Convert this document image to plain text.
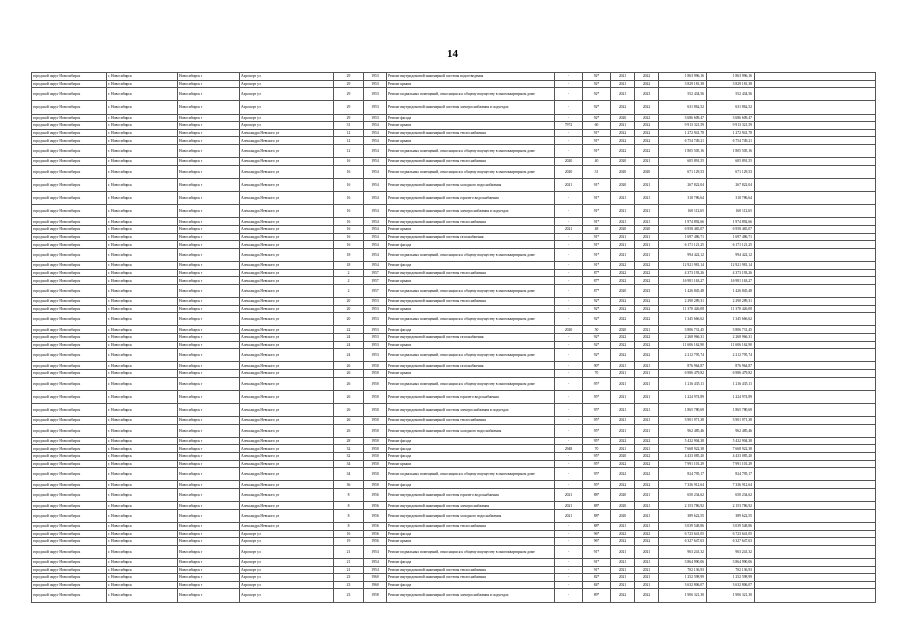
14
городской округ Новосибирск	г. Новосибирск	Новосибирск г	Аэропорт ул	29	1953	Ремонт внутридомовой инженерной системы водоотведения	-	92*	2021	2022	1 863 996,16	1 863 996,16	
городской округ Новосибирск	г. Новосибирск	Новосибирск г	Аэропорт ул	29	1953	Ремонт крыши	-	92*	2021	2022	3 829 181,38	3 829 181,38	
городской округ Новосибирск	г. Новосибирск	Новосибирск г	Аэропорт ул	29	1953	Ремонт подвальных помещений, относящихся к общему имуществу в многоквартирном доме	-	92*	2021	2023	552 434,56	552 434,56	
городской округ Новосибирск	г. Новосибирск	Новосибирск г	Аэропорт ул	29	1953	Ремонт внутридомовой инженерной системы электроснабжения в подъездах	-	92*	2022	2022	631 862,52	631 862,52	
городской округ Новосибирск	г. Новосибирск	Новосибирск г	Аэропорт ул	29	1953	Ремонт фасада	-	92*	2020	2022	3 686 609,47	3 686 609,47	
городской округ Новосибирск	г. Новосибирск	Новосибирск г	Аэропорт ул	31	1954	Ремонт крыши	7972	60	2021	2022	9 913 321,59	9 913 321,59	
городской округ Новосибирск	г. Новосибирск	Новосибирск г	Александра Невского ул	12	1954	Ремонт внутридомовой инженерной системы теплоснабжения	-	91*	2022	2022	1 272 941,78	1 272 941,78	
городской округ Новосибирск	г. Новосибирск	Новосибирск г	Александра Невского ул	12	1954	Ремонт крыши	-	91*	2022	2022	6 754 749,21	6 754 749,21	
городской округ Новосибирск	г. Новосибирск	Новосибирск г	Александра Невского ул	12	1954	Ремонт подвальных помещений, относящихся к общему имуществу в многоквартирном доме	-	91*	2022	2022	1 805 505,16	1 805 505,16	
городской округ Новосибирск	г. Новосибирск	Новосибирск г	Александра Невского ул	16	1954	Ремонт внутридомовой инженерной системы теплоснабжения	2020	40	2020	2021	605 891,55	605 891,55	
городской округ Новосибирск	г. Новосибирск	Новосибирск г	Александра Невского ул	16	1954	Ремонт подвальных помещений, относящихся к общему имуществу в многоквартирном доме	2020	31	2020	2020	671 129,53	671 129,53	
городской округ Новосибирск	г. Новосибирск	Новосибирск г	Александра Невского ул	16	1954	Ремонт внутридомовой инженерной системы холодного водоснабжения	2021	91*	2020	2021	267 822,04	267 822,04	
городской округ Новосибирск	г. Новосибирск	Новосибирск г	Александра Невского ул	16	1954	Ремонт внутридомовой инженерной системы горячего водоснабжения	-	91*	2021	2021	310 786,64	310 786,64	
городской округ Новосибирск	г. Новосибирск	Новосибирск г	Александра Невского ул	16	1954	Ремонт внутридомовой инженерной системы электроснабжения в подъездах	-	91*	2021	2021	160 112,65	160 112,65	
городской округ Новосибирск	г. Новосибирск	Новосибирск г	Александра Невского ул	16	1954	Ремонт внутридомовой инженерной системы теплоснабжения	-	91*	2021	2021	1 974 892,66	1 974 892,66	
городской округ Новосибирск	г. Новосибирск	Новосибирск г	Александра Невского ул	16	1954	Ремонт крыши	2021	48	2020	2020	6 958 465,07	6 958 465,07	
городской округ Новосибирск	г. Новосибирск	Новосибирск г	Александра Невского ул	16	1954	Ремонт внутридомовой инженерной системы газоснабжения	-	91*	2021	2021	1 697 486,71	1 697 486,71	
городской округ Новосибирск	г. Новосибирск	Новосибирск г	Александра Невского ул	16	1954	Ремонт фасада	-	91*	2021	2021	6 171 121,25	6 171 121,25	
городской округ Новосибирск	г. Новосибирск	Новосибирск г	Александра Невского ул	18	1954	Ремонт подвальных помещений, относящихся к общему имуществу в многоквартирном доме	-	91*	2021	2021	994 422,12	994 422,12	
городской округ Новосибирск	г. Новосибирск	Новосибирск г	Александра Невского ул	18	1954	Ремонт фасада	-	91*	2022	2022	12 921 981,14	12 921 981,14	
городской округ Новосибирск	г. Новосибирск	Новосибирск г	Александра Невского ул	2	1957	Ремонт внутридомовой инженерной системы теплоснабжения	-	87*	2022	2022	4 373 193,26	4 373 193,26	
городской округ Новосибирск	г. Новосибирск	Новосибирск г	Александра Невского ул	2	1957	Ремонт крыши	-	87*	2022	2022	16 981 163,27	16 981 163,27	
городской округ Новосибирск	г. Новосибирск	Новосибирск г	Александра Невского ул	2	1957	Ремонт подвальных помещений, относящихся к общему имуществу в многоквартирном доме	-	87*	2020	2023	1 426 845,48	1 426 845,48	
городской округ Новосибирск	г. Новосибирск	Новосибирск г	Александра Невского ул	20	1953	Ремонт внутридомовой инженерной системы теплоснабжения	-	92*	2022	2022	2 290 289,31	2 290 289,31	
городской округ Новосибирск	г. Новосибирск	Новосибирск г	Александра Невского ул	20	1953	Ремонт крыши	-	92*	2022	2022	11 370 426,08	11 370 426,08	
городской округ Новосибирск	г. Новосибирск	Новосибирск г	Александра Невского ул	20	1953	Ремонт подвальных помещений, относящихся к общему имуществу в многоквартирном доме	-	92*	2022	2022	1 345 666,62	1 345 666,62	
городской округ Новосибирск	г. Новосибирск	Новосибирск г	Александра Невского ул	22	1953	Ремонт фасада	2020	50	2020	2021	3 806 731,45	3 806 731,45	
городской округ Новосибирск	г. Новосибирск	Новосибирск г	Александра Невского ул	24	1953	Ремонт внутридомовой инженерной системы газоснабжения	-	92*	2022	2022	2 268 966,31	2 268 966,31	
городской округ Новосибирск	г. Новосибирск	Новосибирск г	Александра Невского ул	24	1953	Ремонт крыши	-	92*	2022	2022	11 606 162,90	11 606 162,90	
городской округ Новосибирск	г. Новосибирск	Новосибирск г	Александра Невского ул	24	1953	Ремонт подвальных помещений, относящихся к общему имуществу в многоквартирном доме	-	92*	2022	2022	2 212 795,74	2 212 795,74	
городской округ Новосибирск	г. Новосибирск	Новосибирск г	Александра Невского ул	26	1950	Ремонт внутридомовой инженерной системы газоснабжения	-	90*	2021	2021	876 964,87	876 964,87	
городской округ Новосибирск	г. Новосибирск	Новосибирск г	Александра Невского ул	26	1950	Ремонт крыши	-	70	2021	2021	6 986 479,82	6 986 479,82	
городской округ Новосибирск	г. Новосибирск	Новосибирск г	Александра Невского ул	26	1950	Ремонт подвальных помещений, относящихся к общему имуществу в многоквартирном доме	-	95*	2021	2021	1 216 435,11	1 216 435,11	
городской округ Новосибирск	г. Новосибирск	Новосибирск г	Александра Невского ул	26	1950	Ремонт внутридомовой инженерной системы горячего водоснабжения	-	95*	2021	2021	1 224 974,89	1 224 974,89	
городской округ Новосибирск	г. Новосибирск	Новосибирск г	Александра Невского ул	26	1950	Ремонт внутридомовой инженерной системы электроснабжения в подъездах	-	95*	2021	2021	1 865 780,69	1 865 780,69	
городской округ Новосибирск	г. Новосибирск	Новосибирск г	Александра Невского ул	26	1950	Ремонт внутридомовой инженерной системы теплоснабжения	-	95*	2021	2021	3 901 971,38	3 901 971,38	
городской округ Новосибирск	г. Новосибирск	Новосибирск г	Александра Невского ул	26	1950	Ремонт внутридомовой инженерной системы холодного водоснабжения	-	95*	2021	2021	962 485,46	962 485,46	
городской округ Новосибирск	г. Новосибирск	Новосибирск г	Александра Невского ул	28	1950	Ремонт фасада	-	95*	2022	2022	5 432 904,38	5 432 904,38	
городской округ Новосибирск	г. Новосибирск	Новосибирск г	Александра Невского ул	32	1950	Ремонт фасада	2948	70	2021	2021	7 668 922,38	7 668 922,38	
городской округ Новосибирск	г. Новосибирск	Новосибирск г	Александра Невского ул	32	1950	Ремонт фасада	-	95*	2020	2022	4 433 085,20	4 433 085,20	
городской округ Новосибирск	г. Новосибирск	Новосибирск г	Александра Невского ул	34	1950	Ремонт крыши	-	95*	2022	2022	7 991 101,29	7 991 101,29	
городской округ Новосибирск	г. Новосибирск	Новосибирск г	Александра Невского ул	34	1950	Ремонт подвальных помещений, относящихся к общему имуществу в многоквартирном доме	-	95*	2022	2022	824 795,17	824 795,17	
городской округ Новосибирск	г. Новосибирск	Новосибирск г	Александра Невского ул	36	1950	Ремонт фасада	-	95*	2022	2022	7 336 912,64	7 336 912,64	
городской округ Новосибирск	г. Новосибирск	Новосибирск г	Александра Невского ул	8	1956	Ремонт внутридомовой инженерной системы горячего водоснабжения	2021	88*	2020	2021	650 234,62	650 234,62	
городской округ Новосибирск	г. Новосибирск	Новосибирск г	Александра Невского ул	8	1956	Ремонт внутридомовой инженерной системы электроснабжения	2021	88*	2020	2021	2 153 786,92	2 153 786,92	
городской округ Новосибирск	г. Новосибирск	Новосибирск г	Александра Невского ул	8	1956	Ремонт внутридомовой инженерной системы холодного водоснабжения	2021	88*	2020	2021	389 622,55	389 622,55	
городской округ Новосибирск	г. Новосибирск	Новосибирск г	Александра Невского ул	8	1956	Ремонт внутридомовой инженерной системы теплоснабжения	-	88*	2021	2021	3 039 548,86	3 039 548,86	
городской округ Новосибирск	г. Новосибирск	Новосибирск г	Аэропорт ул	16	1956	Ремонт фасада	-	96*	2022	2022	6 723 641,05	6 723 641,05	
городской округ Новосибирск	г. Новосибирск	Новосибирск г	Аэропорт ул	19	1956	Ремонт крыши	-	96*	2022	2022	6 327 647,63	6 327 647,63	
городской округ Новосибирск	г. Новосибирск	Новосибирск г	Аэропорт ул	21	1954	Ремонт подвальных помещений, относящихся к общему имуществу в многоквартирном доме	-	91*	2021	2021	963 241,32	963 241,32	
городской округ Новосибирск	г. Новосибирск	Новосибирск г	Аэропорт ул	21	1954	Ремонт фасада	-	91*	2021	2021	3 864 990,06	3 864 990,06	
городской округ Новосибирск	г. Новосибирск	Новосибирск г	Аэропорт ул	21	1954	Ремонт внутридомовой инженерной системы теплоснабжения	-	91*	2021	2021	702 136,93	702 136,93	
городской округ Новосибирск	г. Новосибирск	Новосибирск г	Аэропорт ул	23	1960	Ремонт внутридомовой инженерной системы теплоснабжения	-	82*	2021	2021	1 252 598,99	1 252 598,99	
городской округ Новосибирск	г. Новосибирск	Новосибирск г	Аэропорт ул	23	1960	Ремонт фасада	-	84*	2021	2021	3 632 806,07	3 632 806,07	
городской округ Новосибирск	г. Новосибирск	Новосибирск г	Аэропорт ул	23	1958	Ремонт внутридомовой инженерной системы электроснабжения в подъездах	-	89*	2022	2022	1 906 321,30	1 906 321,30	
